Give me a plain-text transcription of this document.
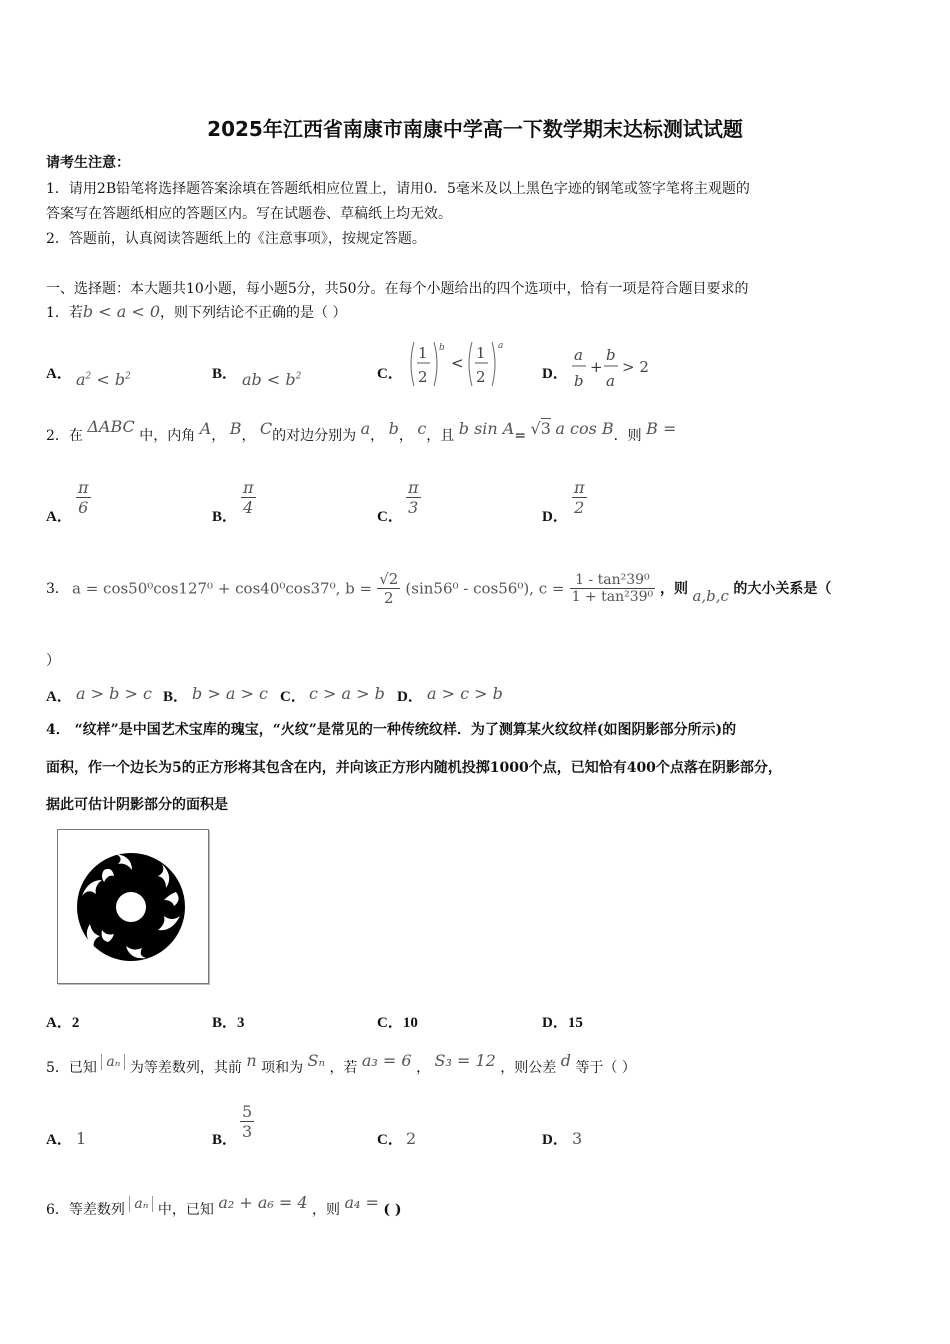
2025年江西省南康市南康中学高一下数学期末达标测试试题
请考生注意：
1．请用2B铅笔将选择题答案涂填在答题纸相应位置上，请用0．5毫米及以上黑色字迹的钢笔或签字笔将主观题的
答案写在答题纸相应的答题区内。写在试题卷、草稿纸上均无效。
2．答题前，认真阅读答题纸上的《注意事项》，按规定答题。
一、选择题：本大题共10小题，每小题5分，共50分。在每个小题给出的四个选项中，恰有一项是符合题目要求的
1．若b < a < 0，则下列结论不正确的是（ ）
A． $a^2 < b^2$	B． ab < $b^2$	C．
1
2
b
<
1
2
a
D．
a
b
+
b
a
> 2
2．在 ΔABC 中，内角 A， B， C的对边分别为 a， b， c，且 b sin A= √3 a cos B．则 B =
A． $\frac{\pi}{6}$	B． $\frac{\pi}{4}$	C． $\frac{\pi}{3}$	D． $\frac{\pi}{2}$
3． a = cos50⁰cos127⁰ + cos40⁰cos37⁰, $b = \frac{√2}{2} (\sin 56^0 - \cos 56^0)$, $c = \frac{\text{1 - tan²39⁰}}{\text{1 + tan²39⁰}}$ ，则 a,b,c 的大小关系是（
）
A． a > b > c B． b > a > c C． c > a > b D． a > c > b
4． “纹样”是中国艺术宝库的瑰宝，“火纹”是常见的一种传统纹样．为了测算某火纹纹样(如图阴影部分所示)的
面积，作一个边长为5的正方形将其包含在内，并向该正方形内随机投掷1000个点，已知恰有400个点落在阴影部分，
据此可估计阴影部分的面积是
A．2	B．3	C．10	D．15
5．已知 aₙ 为等差数列，其前 n 项和为 Sₙ ，若 a₃ = 6 ， S₃ = 12 ，则公差 d 等于（ ）
A． 1	B． $\frac{5}{3}$	C． 2	D． 3
6．等差数列 aₙ 中，已知 a₂ + a₆ = 4 ，则 a₄ = ( )
